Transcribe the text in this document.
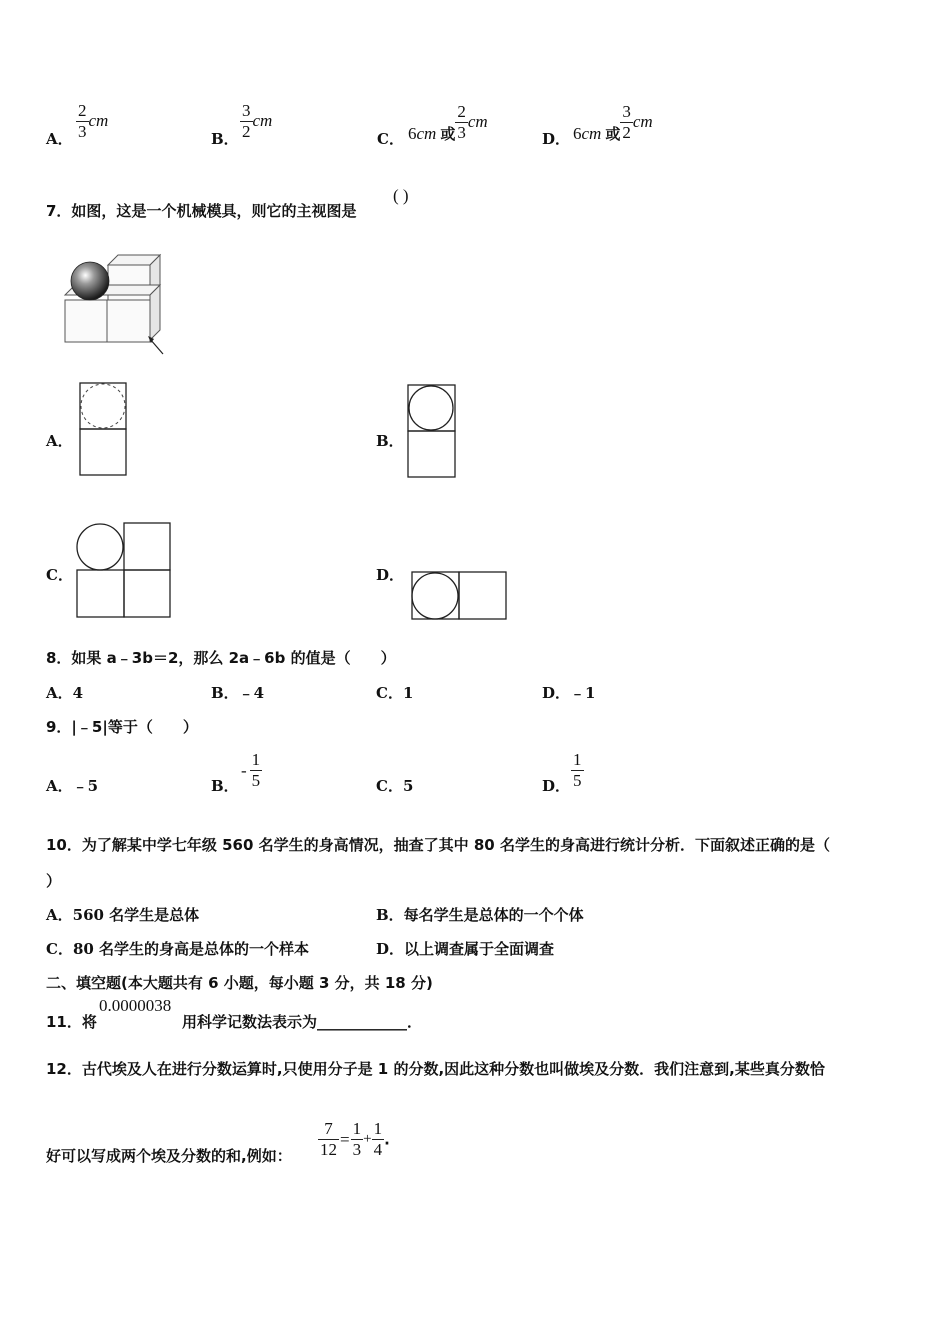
A． $\frac{2}{3}$ cm
B． $\frac{3}{2}$ cm
C． 6cm 或 $\frac{2}{3}$ cm
D． 6cm 或 $\frac{3}{2}$ cm
7．如图，这是一个机械模具，则它的主视图是
( )
A．	B．
C．	D．
8．如果 a﹣3b＝2，那么 2a﹣6b 的值是（　　）
A．4	B．﹣4	C．1	D．﹣1
9．|﹣5|等于（　　）
A．﹣5	B．
- $\frac{1}{5}$	C．5	D． $\frac{1}{5}$
10．为了解某中学七年级 560 名学生的身高情况，抽查了其中 80 名学生的身高进行统计分析．下面叙述正确的是（
）
A．560 名学生是总体	B．每名学生是总体的一个个体
C．80 名学生的身高是总体的一个样本	D．以上调查属于全面调查
二、填空题(本大题共有 6 小题，每小题 3 分，共 18 分)
11．将
0.0000038
用科学记数法表示为____________．
12．古代埃及人在进行分数运算时,只使用分子是 1 的分数,因此这种分数也叫做埃及分数．我们注意到,某些真分数恰
好可以写成两个埃及分数的和,例如： $\frac{7}{12} = \frac{1}{3} + \frac{1}{4}$ .
